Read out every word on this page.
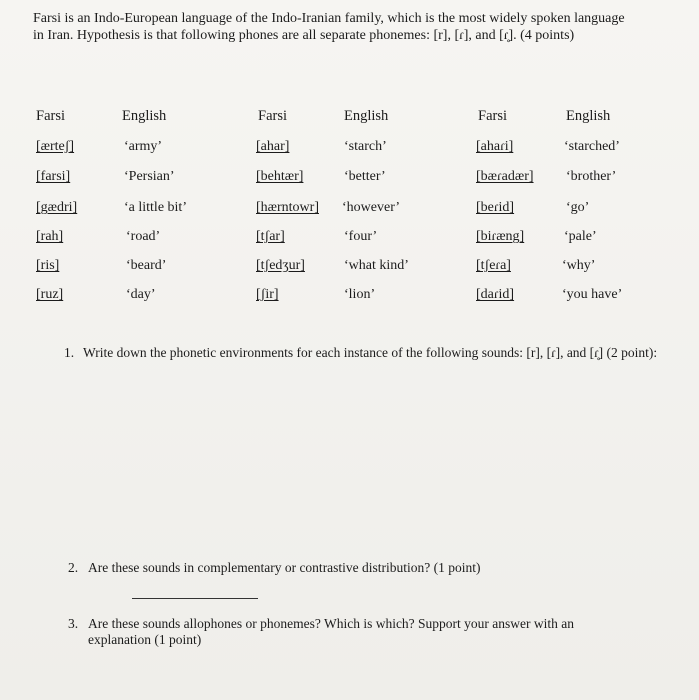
Farsi is an Indo-European language of the Indo-Iranian family, which is the most widely spoken language in Iran. Hypothesis is that following phones are all separate phonemes: [r], [ɾ], and [ɾ̥]. (4 points)
Farsi	English	Farsi	English	Farsi	English
[ærteʃ]	‘army’	[ahar]	‘starch’	[ahaɾi]	‘starched’
[farsi]	‘Persian’	[behtær]	‘better’	[bæɾadær] ‘brother’
[gædri]	‘a little bit’	[hærntowr] ‘however’	[beɾid]	‘go’
[rah]	‘road’	[tʃar]	‘four’	[biɾæng]	‘pale’
[ris]	‘beard’	[tʃedʒur]	‘what kind’	[tʃeɾa]	‘why’
[ruz]	‘day’	[ʃir]	‘lion’	[daɾid]	‘you have’
1. Write down the phonetic environments for each instance of the following sounds: [r], [ɾ], and [ɾ̥] (2 point):
2. Are these sounds in complementary or contrastive distribution? (1 point)
3. Are these sounds allophones or phonemes? Which is which? Support your answer with an explanation (1 point)
